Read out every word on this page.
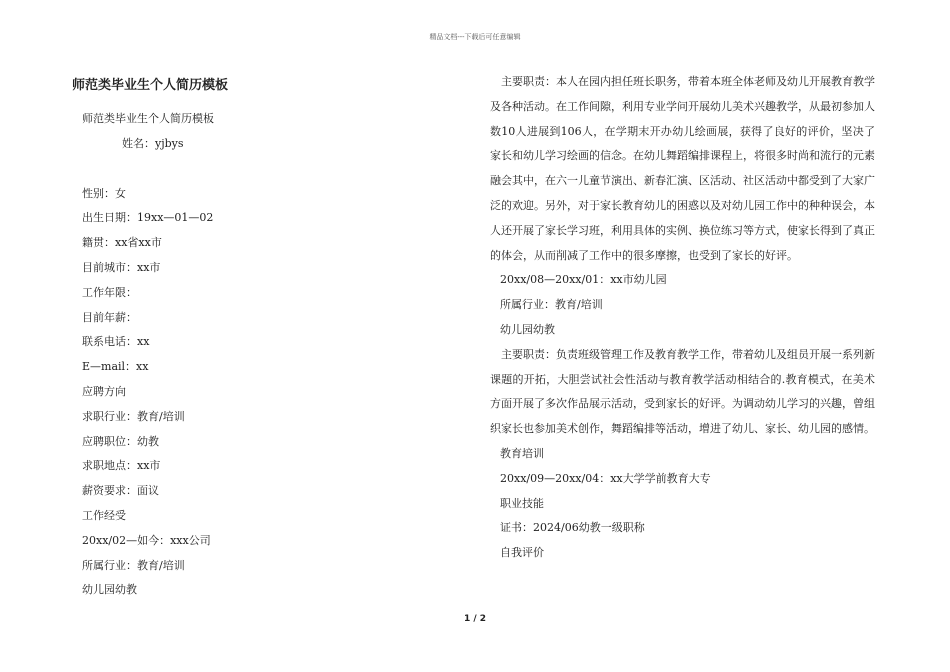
精品文档---下载后可任意编辑
师范类毕业生个人简历模板
师范类毕业生个人简历模板
姓名：yjbys
性别：女
出生日期：19xx—01—02
籍贯：xx省xx市
目前城市：xx市
工作年限：
目前年薪：
联系电话：xx
E—mail：xx
应聘方向
求职行业：教育/培训
应聘职位：幼教
求职地点：xx市
薪资要求：面议
工作经受
20xx/02—如今：xxx公司
所属行业：教育/培训
幼儿园幼教

主要职责：本人在园内担任班长职务，带着本班全体老师及幼儿开展教育教学及各种活动。在工作间隙，利用专业学问开展幼儿美术兴趣教学，从最初参加人数10人进展到106人，在学期末开办幼儿绘画展，获得了良好的评价，坚决了家长和幼儿学习绘画的信念。在幼儿舞蹈编排课程上，将很多时尚和流行的元素融会其中，在六一儿童节演出、新春汇演、区活动、社区活动中都受到了大家广泛的欢迎。另外，对于家长教育幼儿的困惑以及对幼儿园工作中的种种误会，本人还开展了家长学习班，利用具体的实例、换位练习等方式，使家长得到了真正的体会，从而削减了工作中的很多摩擦，也受到了家长的好评。

20xx/08—20xx/01：xx市幼儿园
所属行业：教育/培训
幼儿园幼教

主要职责：负责班级管理工作及教育教学工作，带着幼儿及组员开展一系列新课题的开拓，大胆尝试社会性活动与教育教学活动相结合的.教育模式，在美术方面开展了多次作品展示活动，受到家长的好评。为调动幼儿学习的兴趣，曾组织家长也参加美术创作，舞蹈编排等活动，增进了幼儿、家长、幼儿园的感情。

教育培训
20xx/09—20xx/04：xx大学学前教育大专
职业技能
证书：2024/06幼教一级职称
自我评价
1 / 2
